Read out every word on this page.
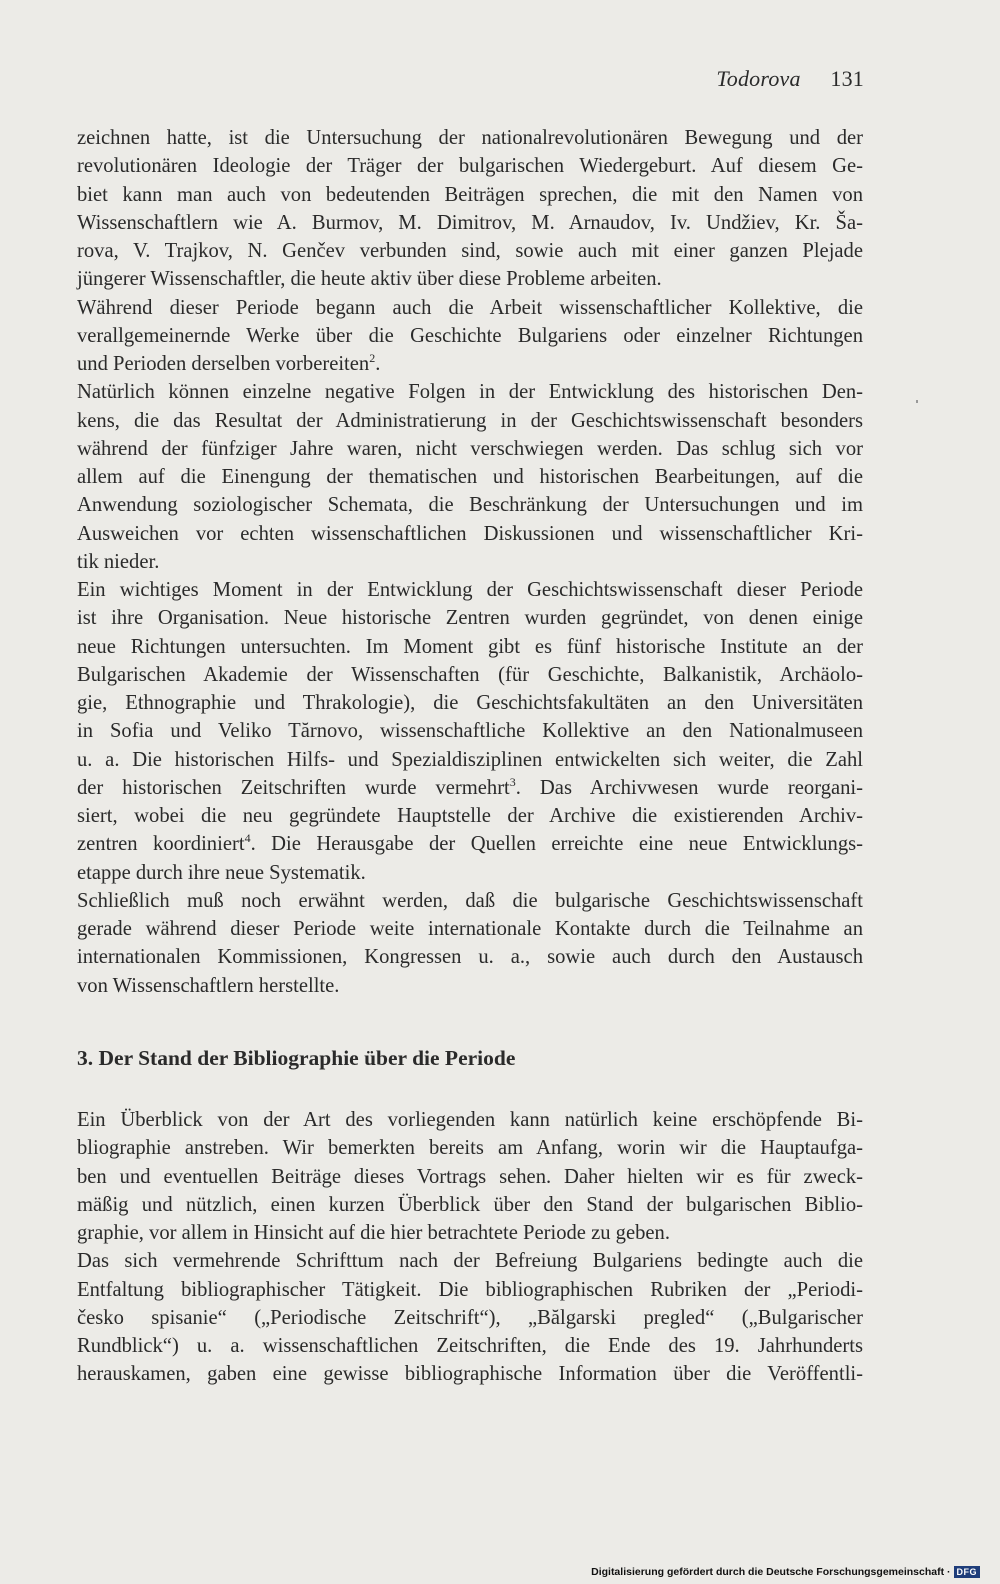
Todorova 131
zeichnen hatte, ist die Untersuchung der nationalrevolutionären Bewegung und der
revolutionären Ideologie der Träger der bulgarischen Wiedergeburt. Auf diesem Ge-
biet kann man auch von bedeutenden Beiträgen sprechen, die mit den Namen von
Wissenschaftlern wie A. Burmov, M. Dimitrov, M. Arnaudov, Iv. Undžiev, Kr. Ša-
rova, V. Trajkov, N. Genčev verbunden sind, sowie auch mit einer ganzen Plejade
jüngerer Wissenschaftler, die heute aktiv über diese Probleme arbeiten.
Während dieser Periode begann auch die Arbeit wissenschaftlicher Kollektive, die
verallgemeinernde Werke über die Geschichte Bulgariens oder einzelner Richtungen
und Perioden derselben vorbereiten$^2$.
Natürlich können einzelne negative Folgen in der Entwicklung des historischen Den-
kens, die das Resultat der Administratierung in der Geschichtswissenschaft besonders
während der fünfziger Jahre waren, nicht verschwiegen werden. Das schlug sich vor
allem auf die Einengung der thematischen und historischen Bearbeitungen, auf die
Anwendung soziologischer Schemata, die Beschränkung der Untersuchungen und im
Ausweichen vor echten wissenschaftlichen Diskussionen und wissenschaftlicher Kri-
tik nieder.
Ein wichtiges Moment in der Entwicklung der Geschichtswissenschaft dieser Periode
ist ihre Organisation. Neue historische Zentren wurden gegründet, von denen einige
neue Richtungen untersuchten. Im Moment gibt es fünf historische Institute an der
Bulgarischen Akademie der Wissenschaften (für Geschichte, Balkanistik, Archäolo-
gie, Ethnographie und Thrakologie), die Geschichtsfakultäten an den Universitäten
in Sofia und Veliko Tărnovo, wissenschaftliche Kollektive an den Nationalmuseen
u. a. Die historischen Hilfs- und Spezialdisziplinen entwickelten sich weiter, die Zahl
der historischen Zeitschriften wurde vermehrt$^3$. Das Archivwesen wurde reorgani-
siert, wobei die neu gegründete Hauptstelle der Archive die existierenden Archiv-
zentren koordiniert$^4$. Die Herausgabe der Quellen erreichte eine neue Entwicklungs-
etappe durch ihre neue Systematik.
Schließlich muß noch erwähnt werden, daß die bulgarische Geschichtswissenschaft
gerade während dieser Periode weite internationale Kontakte durch die Teilnahme an
internationalen Kommissionen, Kongressen u. a., sowie auch durch den Austausch
von Wissenschaftlern herstellte.
3. Der Stand der Bibliographie über die Periode
Ein Überblick von der Art des vorliegenden kann natürlich keine erschöpfende Bi-
bliographie anstreben. Wir bemerkten bereits am Anfang, worin wir die Hauptaufga-
ben und eventuellen Beiträge dieses Vortrags sehen. Daher hielten wir es für zweck-
mäßig und nützlich, einen kurzen Überblick über den Stand der bulgarischen Biblio-
graphie, vor allem in Hinsicht auf die hier betrachtete Periode zu geben.
Das sich vermehrende Schrifttum nach der Befreiung Bulgariens bedingte auch die
Entfaltung bibliographischer Tätigkeit. Die bibliographischen Rubriken der „Periodi-
česko spisanie“ („Periodische Zeitschrift“), „Bălgarski pregled“ („Bulgarischer
Rundblick“) u. a. wissenschaftlichen Zeitschriften, die Ende des 19. Jahrhunderts
herauskamen, gaben eine gewisse bibliographische Information über die Veröffentli-
Digitalisierung gefördert durch die Deutsche Forschungsgemeinschaft · DFG
